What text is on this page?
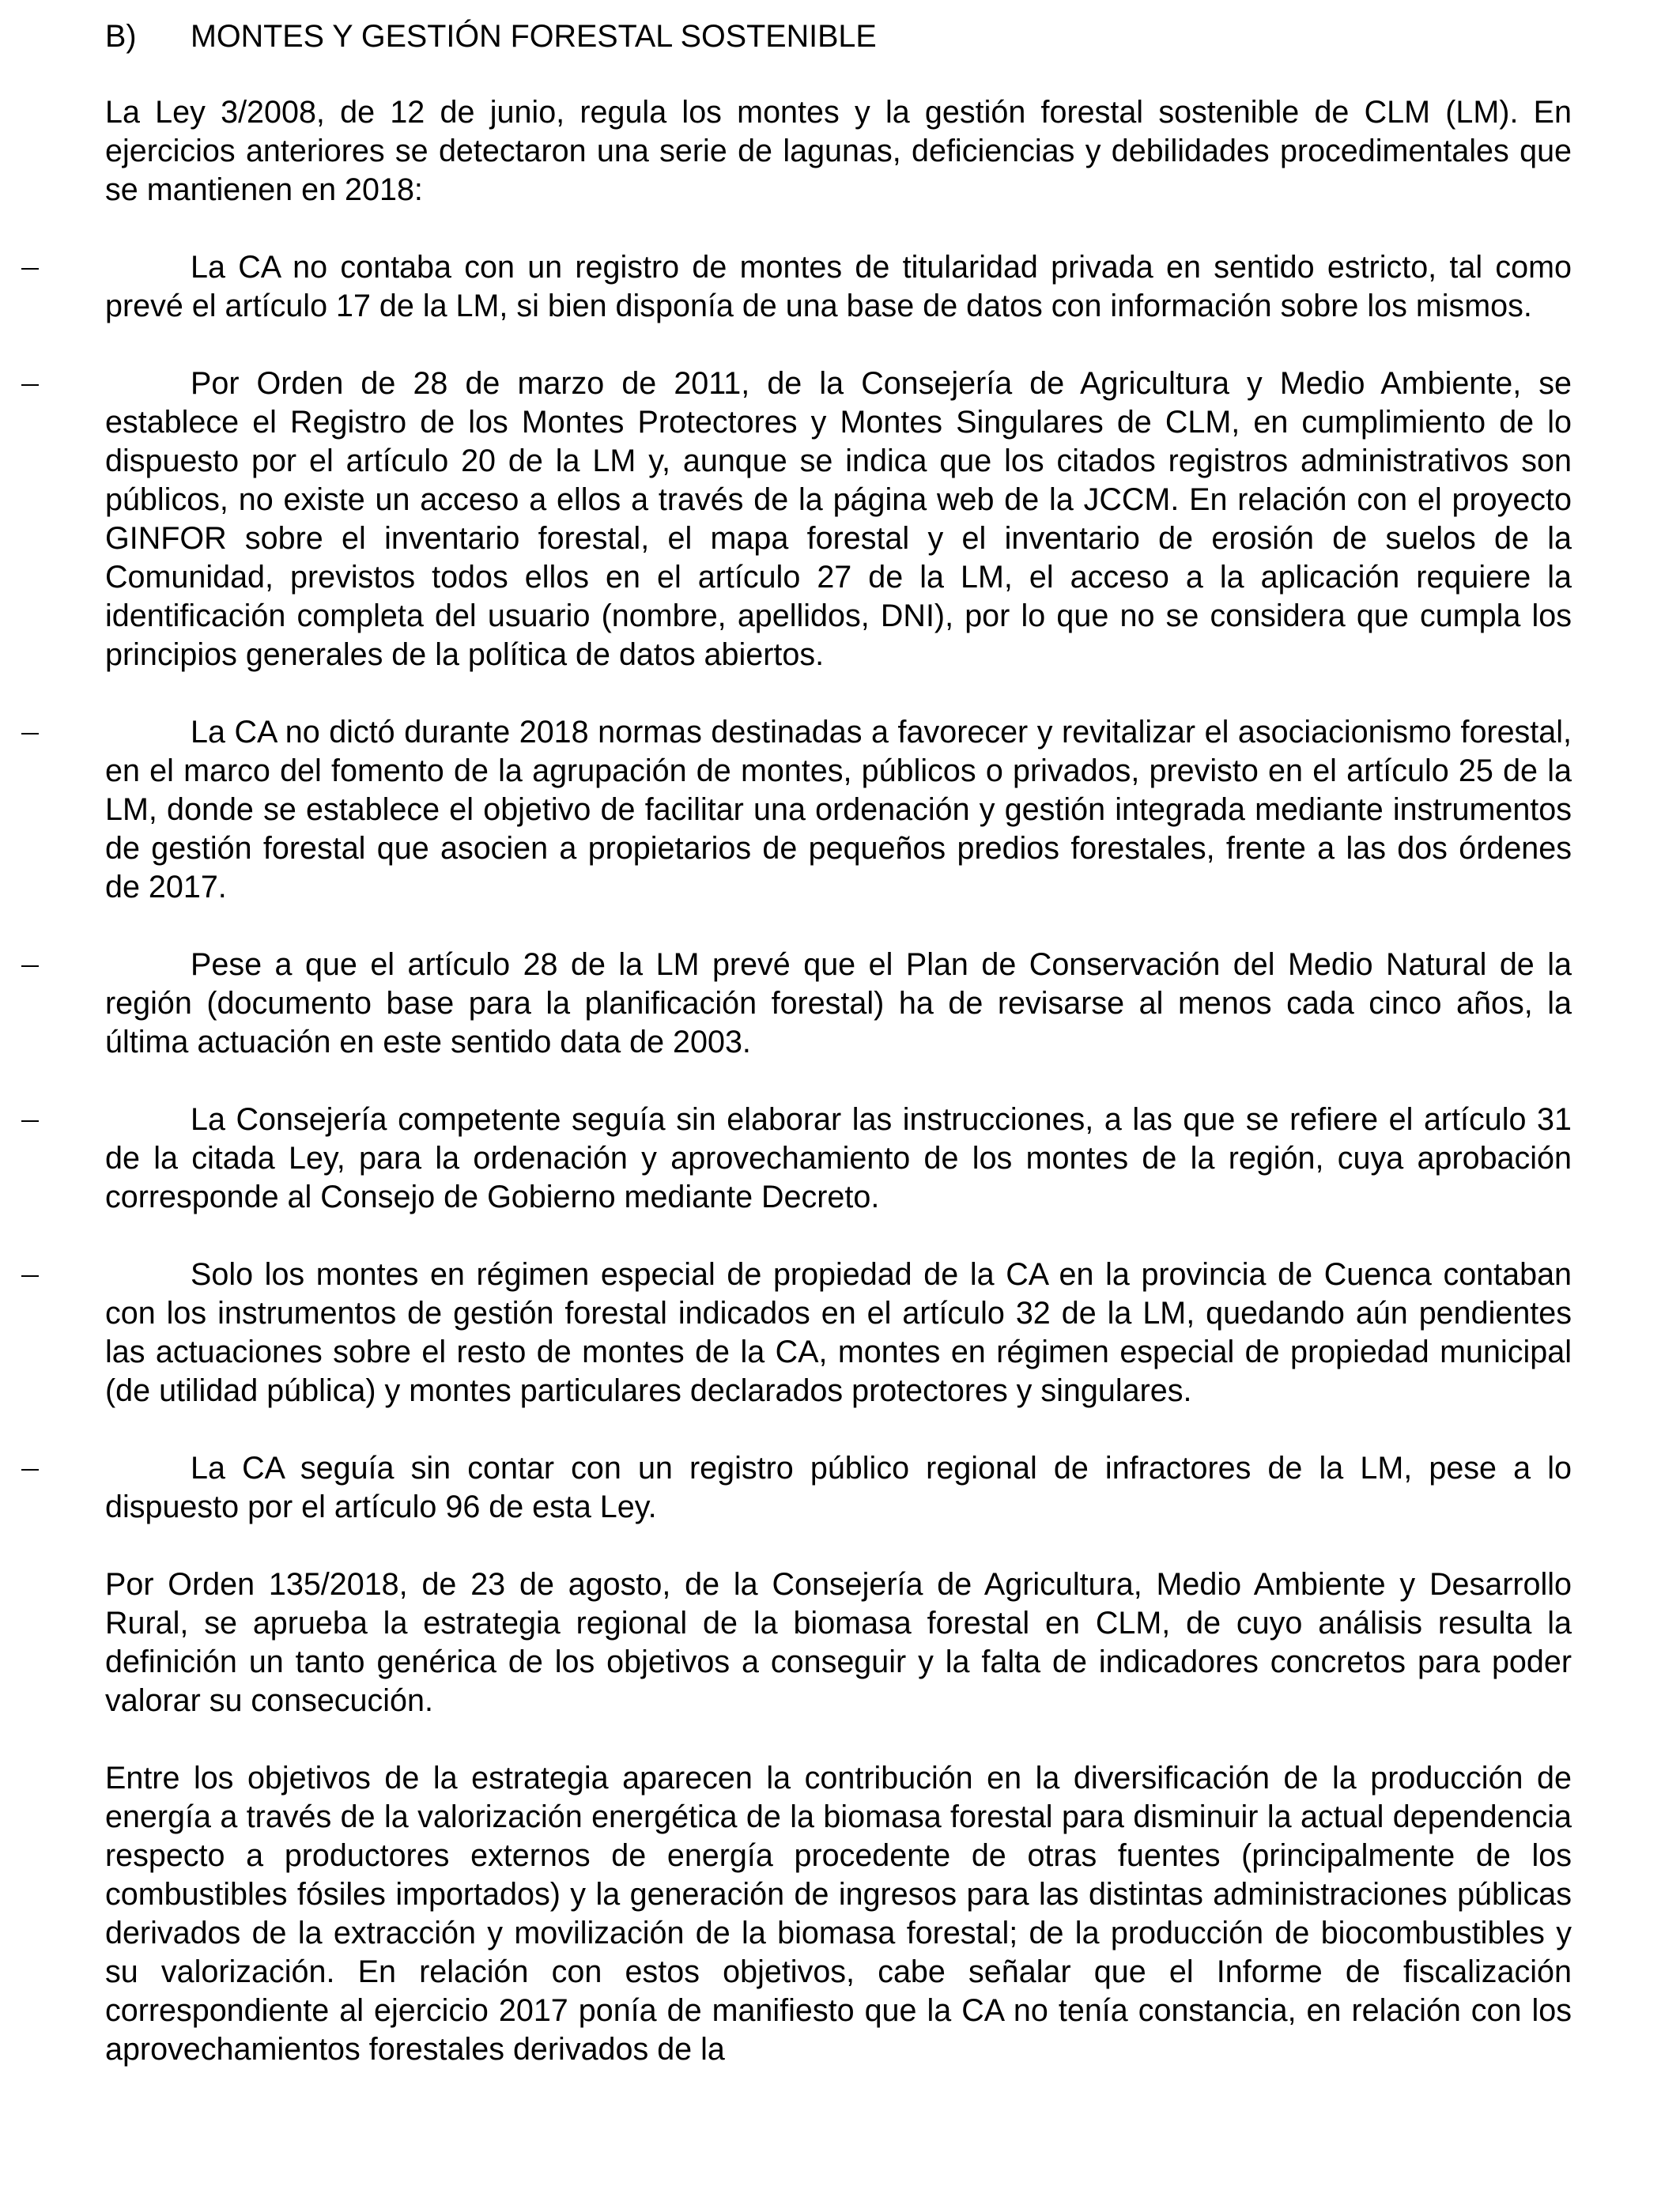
B)	MONTES Y GESTIÓN FORESTAL SOSTENIBLE

La Ley 3/2008, de 12 de junio, regula los montes y la gestión forestal sostenible de CLM (LM). En ejercicios anteriores se detectaron una serie de lagunas, deficiencias y debilidades procedimentales que se mantienen en 2018:

La CA no contaba con un registro de montes de titularidad privada en sentido estricto, tal como prevé el artículo 17 de la LM, si bien disponía de una base de datos con información sobre los mismos.

Por Orden de 28 de marzo de 2011, de la Consejería de Agricultura y Medio Ambiente, se establece el Registro de los Montes Protectores y Montes Singulares de CLM, en cumplimiento de lo dispuesto por el artículo 20 de la LM y, aunque se indica que los citados registros administrativos son públicos, no existe un acceso a ellos a través de la página web de la JCCM. En relación con el proyecto GINFOR sobre el inventario forestal, el mapa forestal y el inventario de erosión de suelos de la Comunidad, previstos todos ellos en el artículo 27 de la LM, el acceso a la aplicación requiere la identificación completa del usuario (nombre, apellidos, DNI), por lo que no se considera que cumpla los principios generales de la política de datos abiertos.

La CA no dictó durante 2018 normas destinadas a favorecer y revitalizar el asociacionismo forestal, en el marco del fomento de la agrupación de montes, públicos o privados, previsto en el artículo 25 de la LM, donde se establece el objetivo de facilitar una ordenación y gestión integrada mediante instrumentos de gestión forestal que asocien a propietarios de pequeños predios forestales, frente a las dos órdenes de 2017.

Pese a que el artículo 28 de la LM prevé que el Plan de Conservación del Medio Natural de la región (documento base para la planificación forestal) ha de revisarse al menos cada cinco años, la última actuación en este sentido data de 2003.

La Consejería competente seguía sin elaborar las instrucciones, a las que se refiere el artículo 31 de la citada Ley, para la ordenación y aprovechamiento de los montes de la región, cuya aprobación corresponde al Consejo de Gobierno mediante Decreto.

Solo los montes en régimen especial de propiedad de la CA en la provincia de Cuenca contaban con los instrumentos de gestión forestal indicados en el artículo 32 de la LM, quedando aún pendientes las actuaciones sobre el resto de montes de la CA, montes en régimen especial de propiedad municipal (de utilidad pública) y montes particulares declarados protectores y singulares.

La CA seguía sin contar con un registro público regional de infractores de la LM, pese a lo dispuesto por el artículo 96 de esta Ley.

Por Orden 135/2018, de 23 de agosto, de la Consejería de Agricultura, Medio Ambiente y Desarrollo Rural, se aprueba la estrategia regional de la biomasa forestal en CLM, de cuyo análisis resulta la definición un tanto genérica de los objetivos a conseguir y la falta de indicadores concretos para poder valorar su consecución.

Entre los objetivos de la estrategia aparecen la contribución en la diversificación de la producción de energía a través de la valorización energética de la biomasa forestal para disminuir la actual dependencia respecto a productores externos de energía procedente de otras fuentes (principalmente de los combustibles fósiles importados) y la generación de ingresos para las distintas administraciones públicas derivados de la extracción y movilización de la biomasa forestal; de la producción de biocombustibles y su valorización. En relación con estos objetivos, cabe señalar que el Informe de fiscalización correspondiente al ejercicio 2017 ponía de manifiesto que la CA no tenía constancia, en relación con los aprovechamientos forestales derivados de la
